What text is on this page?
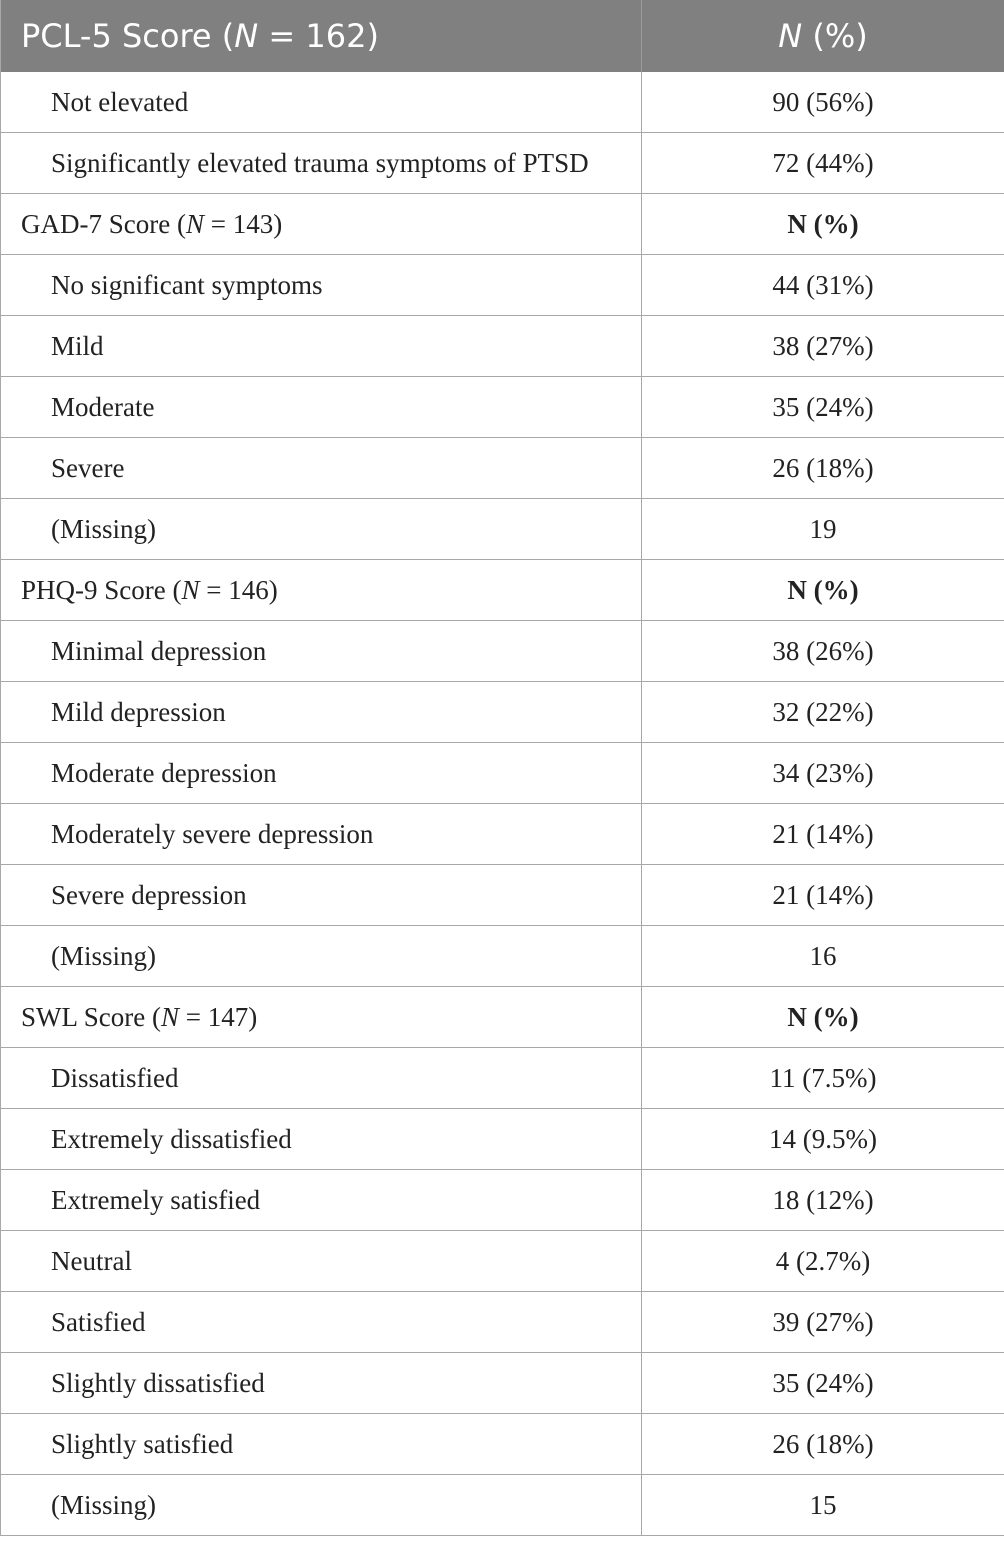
PCL-5 Score (N = 162)	N (%)
Not elevated	90 (56%)
Significantly elevated trauma symptoms of PTSD	72 (44%)
GAD-7 Score (N = 143)	N (%)
No significant symptoms	44 (31%)
Mild	38 (27%)
Moderate	35 (24%)
Severe	26 (18%)
(Missing)	19
PHQ-9 Score (N = 146)	N (%)
Minimal depression	38 (26%)
Mild depression	32 (22%)
Moderate depression	34 (23%)
Moderately severe depression	21 (14%)
Severe depression	21 (14%)
(Missing)	16
SWL Score (N = 147)	N (%)
Dissatisfied	11 (7.5%)
Extremely dissatisfied	14 (9.5%)
Extremely satisfied	18 (12%)
Neutral	4 (2.7%)
Satisfied	39 (27%)
Slightly dissatisfied	35 (24%)
Slightly satisfied	26 (18%)
(Missing)	15
